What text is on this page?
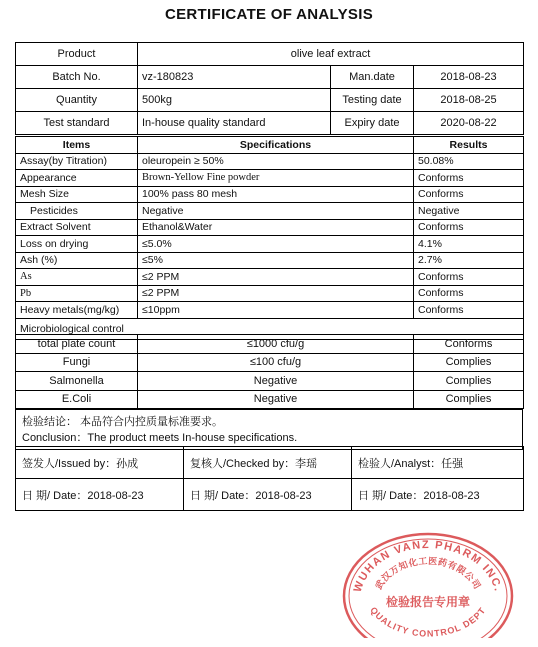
CERTIFICATE OF ANALYSIS
Product	olive leaf extract		
Batch No.	vz-180823	Man.date	2018-08-23
Quantity	500kg	Testing date	2018-08-25
Test standard	In-house quality standard	Expiry date	2020-08-22
Items	Specifications	Results
Assay(by Titration)	oleuropein ≥ 50%	50.08%
Appearance	Brown-Yellow Fine powder	Conforms
Mesh Size	100% pass 80 mesh	Conforms
Pesticides	Negative	Negative
Extract Solvent	Ethanol&Water	Conforms
Loss on drying	≤5.0%	4.1%
Ash (%)	≤5%	2.7%
As	≤2 PPM	Conforms
Pb	≤2 PPM	Conforms
Heavy metals(mg/kg)	≤10ppm	Conforms
Microbiological control		
total plate count	≤1000 cfu/g	Conforms
Fungi	≤100 cfu/g	Complies
Salmonella	Negative	Complies
E.Coli	Negative	Complies
检验结论： 本品符合内控质量标准要求。
Conclusion：The product meets In-house specifications.
签发人/Issued by：孙成	复核人/Checked by：李瑶	检验人/Analyst：任强
日 期/ Date：2018-08-23	日 期/ Date：2018-08-23	日 期/ Date：2018-08-23
WUHAN VANZ PHARM INC.
武汉万知化工医药有限公司
检验报告专用章
QUALITY CONTROL DEPT
